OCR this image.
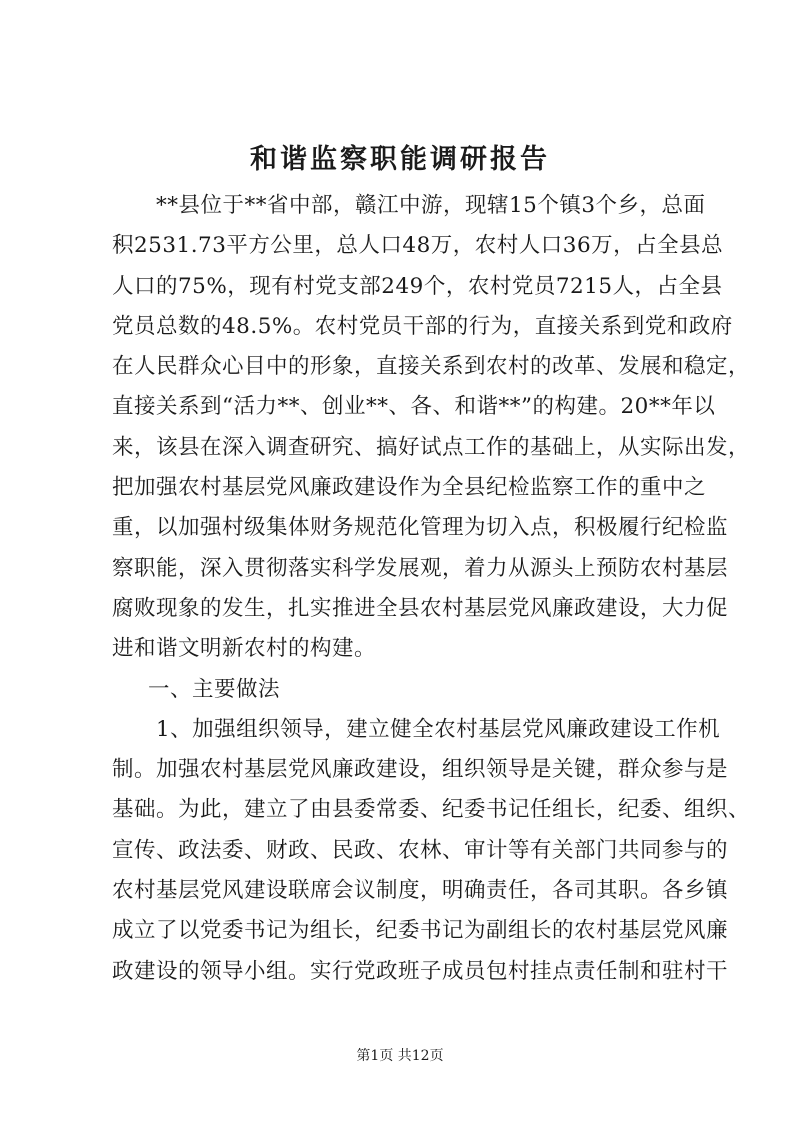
和谐监察职能调研报告
　　**县位于**省中部，赣江中游，现辖15个镇3个乡，总面
积2531.73平方公里，总人口48万，农村人口36万，占全县总
人口的75%，现有村党支部249个，农村党员7215人，占全县
党员总数的48.5%。农村党员干部的行为，直接关系到党和政府
在人民群众心目中的形象，直接关系到农村的改革、发展和稳定，
直接关系到“活力**、创业**、各、和谐**”的构建。20**年以
来，该县在深入调查研究、搞好试点工作的基础上，从实际出发，
把加强农村基层党风廉政建设作为全县纪检监察工作的重中之
重，以加强村级集体财务规范化管理为切入点，积极履行纪检监
察职能，深入贯彻落实科学发展观，着力从源头上预防农村基层
腐败现象的发生，扎实推进全县农村基层党风廉政建设，大力促
进和谐文明新农村的构建。
一、主要做法
　　1、加强组织领导，建立健全农村基层党风廉政建设工作机
制。加强农村基层党风廉政建设，组织领导是关键，群众参与是
基础。为此，建立了由县委常委、纪委书记任组长，纪委、组织、
宣传、政法委、财政、民政、农林、审计等有关部门共同参与的
农村基层党风建设联席会议制度，明确责任，各司其职。各乡镇
成立了以党委书记为组长，纪委书记为副组长的农村基层党风廉
政建设的领导小组。实行党政班子成员包村挂点责任制和驻村干
第1页 共12页
